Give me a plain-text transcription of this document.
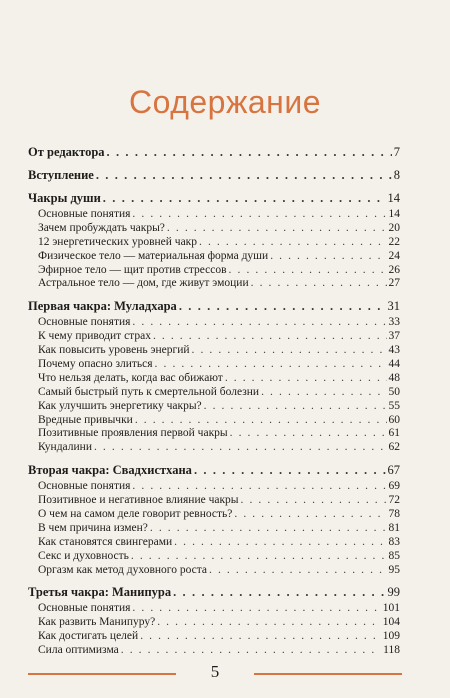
Содержание
От редактора . . .	7
Вступление . . .	8
Чакры души . . .	14
Основные понятия . . .	14
Зачем пробуждать чакры? . . .	20
12 энергетических уровней чакр . . .	22
Физическое тело — материальная форма души . . .	24
Эфирное тело — щит против стрессов . . .	26
Астральное тело — дом, где живут эмоции . . .	27
Первая чакра: Муладхара . . .	31
Основные понятия . . .	33
К чему приводит страх . . .	37
Как повысить уровень энергий . . .	43
Почему опасно злиться . . .	44
Что нельзя делать, когда вас обижают . . .	48
Самый быстрый путь к смертельной болезни . . .	50
Как улучшить энергетику чакры? . . .	55
Вредные привычки . . .	60
Позитивные проявления первой чакры . . .	61
Кундалини . . .	62
Вторая чакра: Свадхистхана . . .	67
Основные понятия . . .	69
Позитивное и негативное влияние чакры . . .	72
О чем на самом деле говорит ревность? . . .	78
В чем причина измен? . . .	81
Как становятся свингерами . . .	83
Секс и духовность . . .	85
Оргазм как метод духовного роста . . .	95
Третья чакра: Манипура . . .	99
Основные понятия . . .	101
Как развить Манипуру? . . .	104
Как достигать целей . . .	109
Сила оптимизма . . .	118
5
